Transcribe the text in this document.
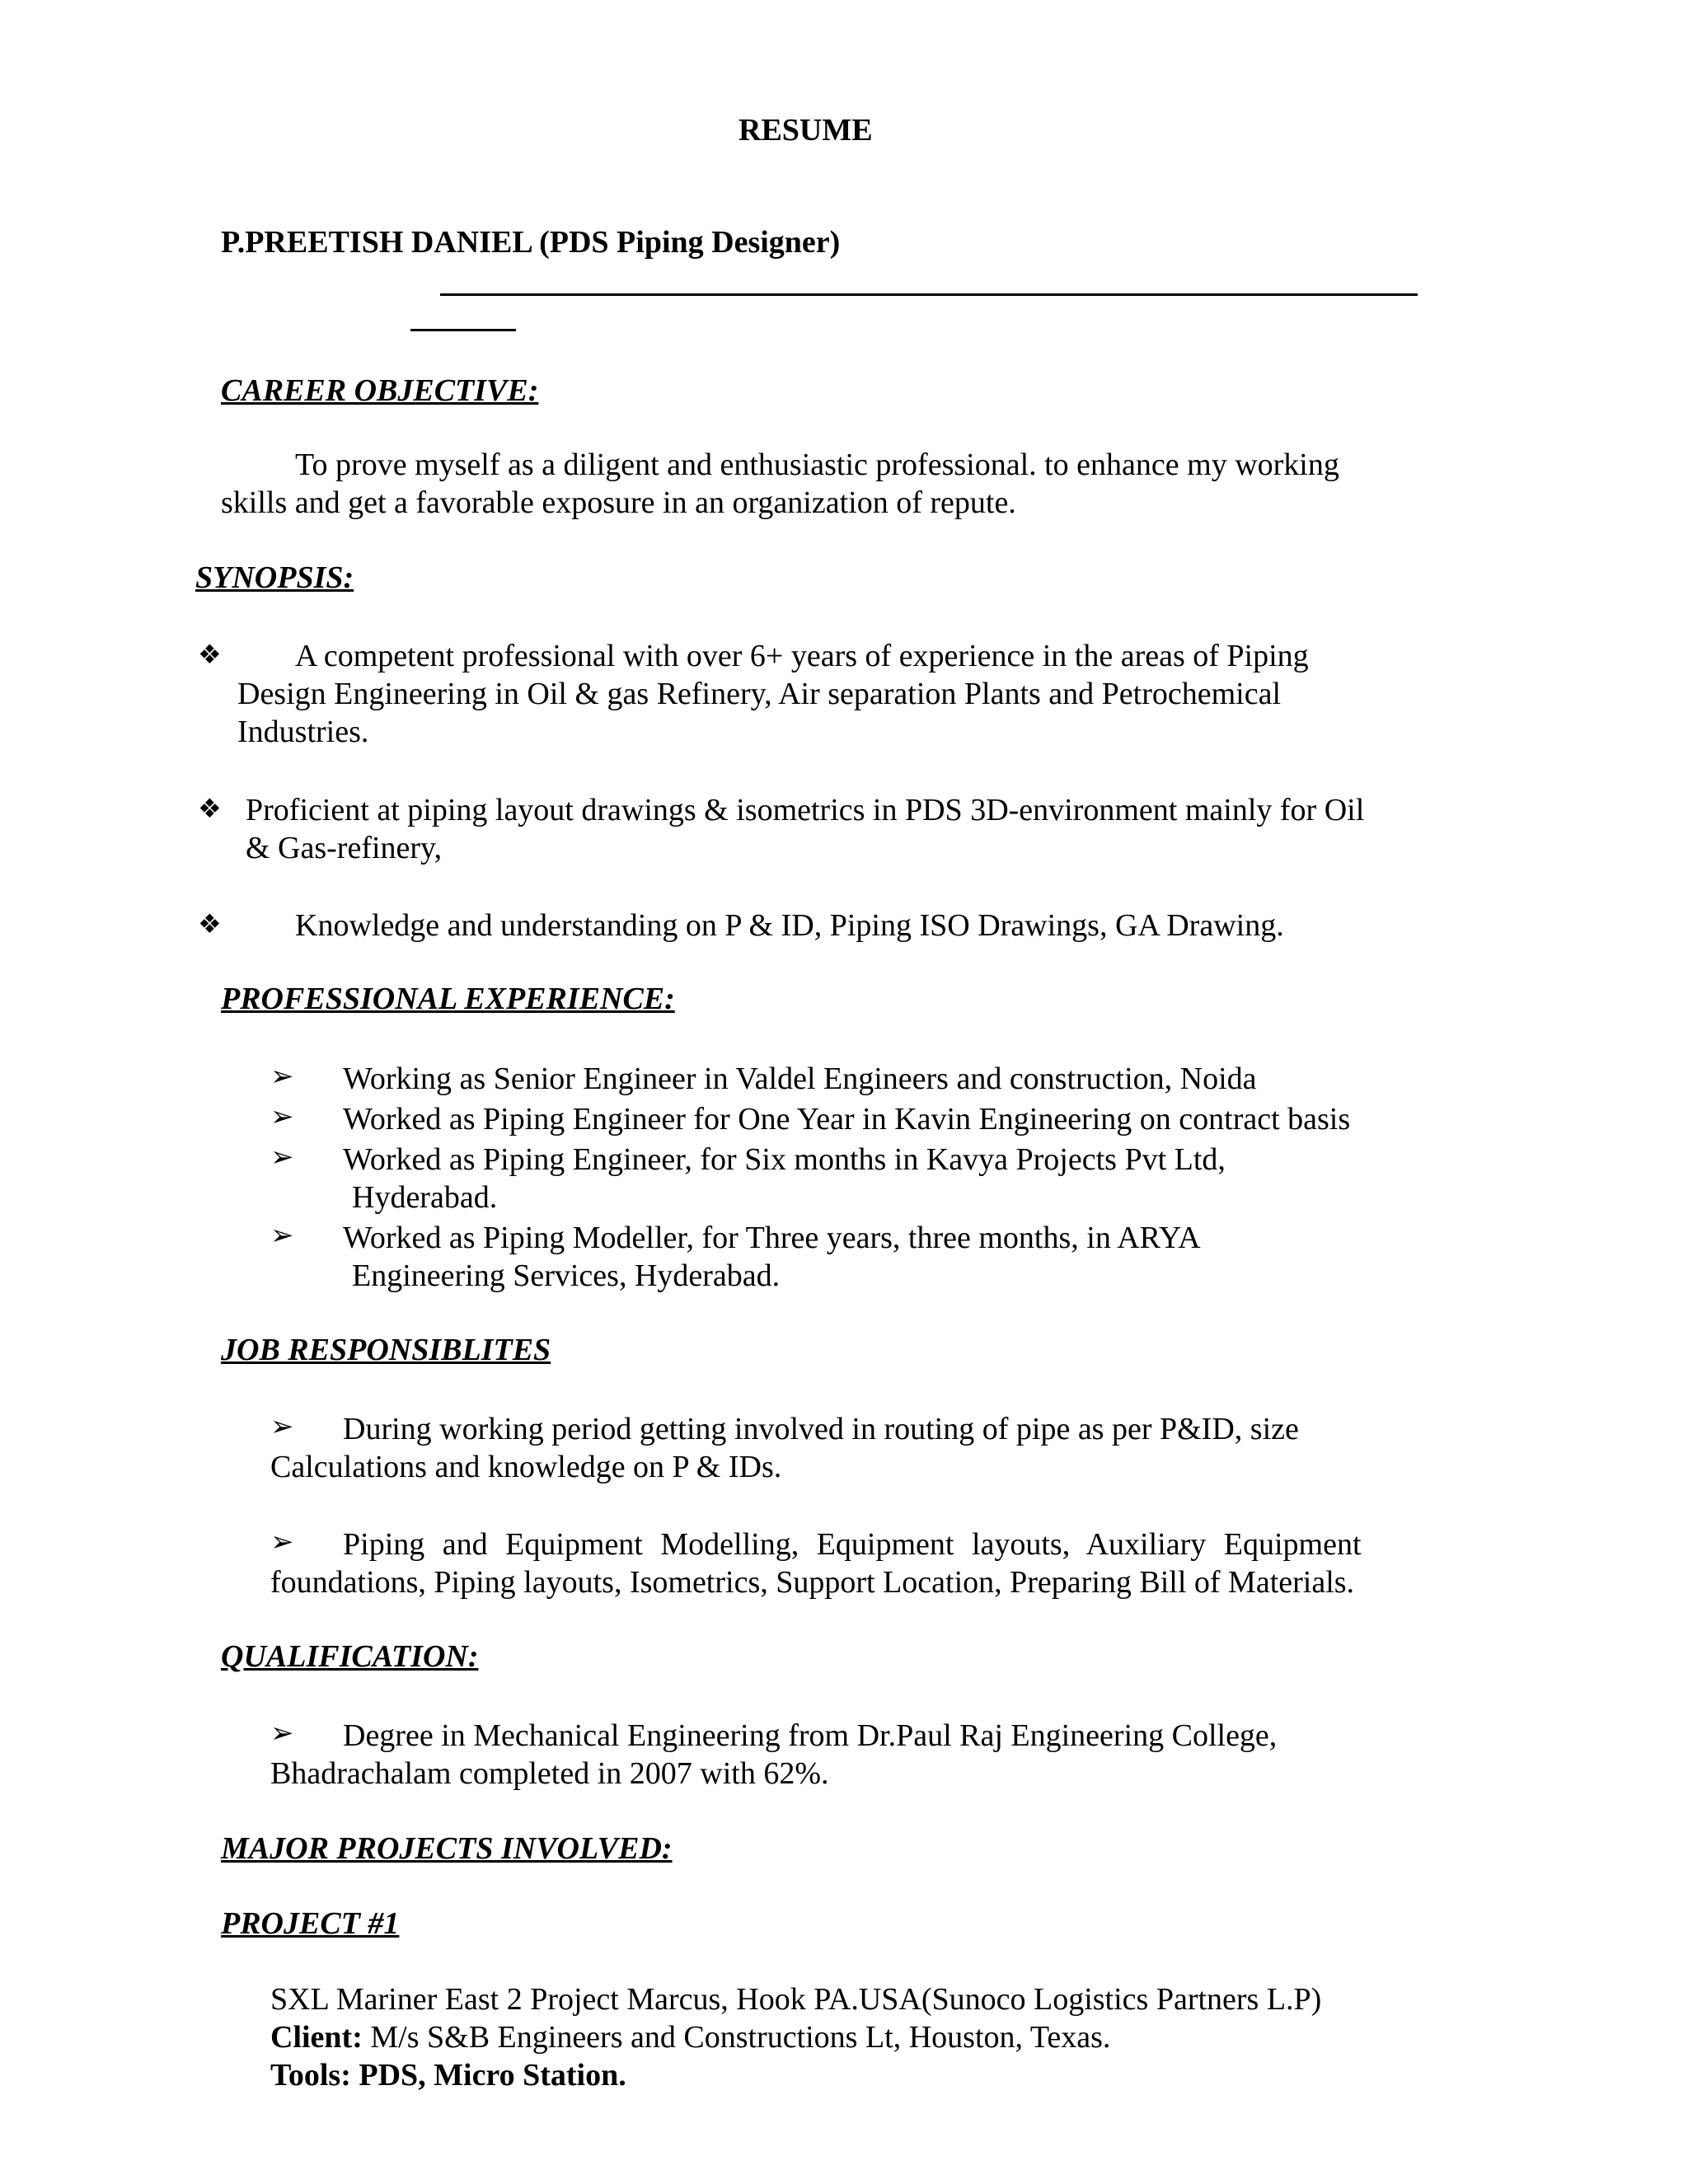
RESUME
P.PREETISH DANIEL (PDS Piping Designer)
CAREER OBJECTIVE:
To prove myself as a diligent and enthusiastic professional. to enhance my working
skills and get a favorable exposure in an organization of repute.
SYNOPSIS:
❖ A competent professional with over 6+ years of experience in the areas of Piping
Design Engineering in Oil & gas Refinery, Air separation Plants and Petrochemical
Industries.
❖ Proficient at piping layout drawings & isometrics in PDS 3D-environment mainly for Oil
& Gas-refinery,
❖ Knowledge and understanding on P & ID, Piping ISO Drawings, GA Drawing.
PROFESSIONAL EXPERIENCE:
➢ Working as Senior Engineer in Valdel Engineers and construction, Noida
➢ Worked as Piping Engineer for One Year in Kavin Engineering on contract basis
➢ Worked as Piping Engineer, for Six months in Kavya Projects Pvt Ltd,
Hyderabad.
➢ Worked as Piping Modeller, for Three years, three months, in ARYA
Engineering Services, Hyderabad.
JOB RESPONSIBLITES
➢ During working period getting involved in routing of pipe as per P&ID, size
Calculations and knowledge on P & IDs.
➢ Piping and Equipment Modelling, Equipment layouts, Auxiliary Equipment
foundations, Piping layouts, Isometrics, Support Location, Preparing Bill of Materials.
QUALIFICATION:
➢ Degree in Mechanical Engineering from Dr.Paul Raj Engineering College,
Bhadrachalam completed in 2007 with 62%.
MAJOR PROJECTS INVOLVED:
PROJECT #1
SXL Mariner East 2 Project Marcus, Hook PA.USA(Sunoco Logistics Partners L.P)
Client: M/s S&B Engineers and Constructions Lt, Houston, Texas.
Tools: PDS, Micro Station.
